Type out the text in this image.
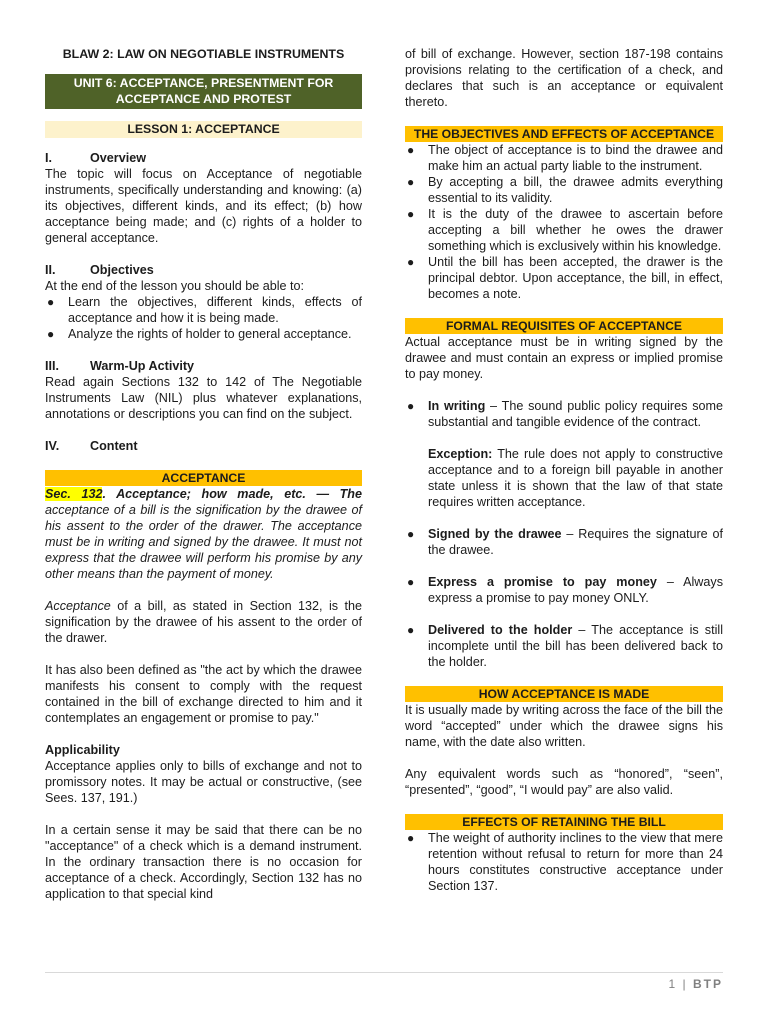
BLAW 2: LAW ON NEGOTIABLE INSTRUMENTS

UNIT 6: ACCEPTANCE, PRESENTMENT FOR ACCEPTANCE AND PROTEST
LESSON 1: ACCEPTANCE
I.	Overview

The topic will focus on Acceptance of negotiable instruments, specifically understanding and knowing: (a) its objectives, different kinds, and its effect; (b) how acceptance being made; and (c) rights of a holder to general acceptance.

II.	Objectives

At the end of the lesson you should be able to:

● Learn the objectives, different kinds, effects of acceptance and how it is being made.
● Analyze the rights of holder to general acceptance.
III.	Warm-Up Activity

Read again Sections 132 to 142 of The Negotiable Instruments Law (NIL) plus whatever explanations, annotations or descriptions you can find on the subject.

IV.	Content
ACCEPTANCE

Sec. 132. Acceptance; how made, etc. — The acceptance of a bill is the signification by the drawee of his assent to the order of the drawer. The acceptance must be in writing and signed by the drawee. It must not express that the drawee will perform his promise by any other means than the payment of money.

Acceptance of a bill, as stated in Section 132, is the signification by the drawee of his assent to the order of the drawer.

It has also been defined as "the act by which the drawee manifests his consent to comply with the request contained in the bill of exchange directed to him and it contemplates an engagement or promise to pay."

Applicability

Acceptance applies only to bills of exchange and not to promissory notes. It may be actual or constructive, (see Sees. 137, 191.)

In a certain sense it may be said that there can be no "acceptance" of a check which is a demand instrument. In the ordinary transaction there is no occasion for acceptance of a check. Accordingly, Section 132 has no application to that special kind

of bill of exchange. However, section 187-198 contains provisions relating to the certification of a check, and declares that such is an acceptance or equivalent thereto.

THE OBJECTIVES AND EFFECTS OF ACCEPTANCE
● The object of acceptance is to bind the drawee and make him an actual party liable to the instrument.
● By accepting a bill, the drawee admits everything essential to its validity.
● It is the duty of the drawee to ascertain before accepting a bill whether he owes the drawer something which is exclusively within his knowledge.
● Until the bill has been accepted, the drawer is the principal debtor. Upon acceptance, the bill, in effect, becomes a note.
FORMAL REQUISITES OF ACCEPTANCE

Actual acceptance must be in writing signed by the drawee and must contain an express or implied promise to pay money.

● In writing – The sound public policy requires some substantial and tangible evidence of the contract.

Exception: The rule does not apply to constructive acceptance and to a foreign bill payable in another state unless it is shown that the law of that state requires written acceptance.

● Signed by the drawee – Requires the signature of the drawee.
● Express a promise to pay money – Always express a promise to pay money ONLY.
● Delivered to the holder – The acceptance is still incomplete until the bill has been delivered back to the holder.
HOW ACCEPTANCE IS MADE

It is usually made by writing across the face of the bill the word “accepted” under which the drawee signs his name, with the date also written.

Any equivalent words such as “honored”, “seen”, “presented”, “good”, “I would pay” are also valid.

EFFECTS OF RETAINING THE BILL
● The weight of authority inclines to the view that mere retention without refusal to return for more than 24 hours constitutes constructive acceptance under Section 137.
1 | BTP
